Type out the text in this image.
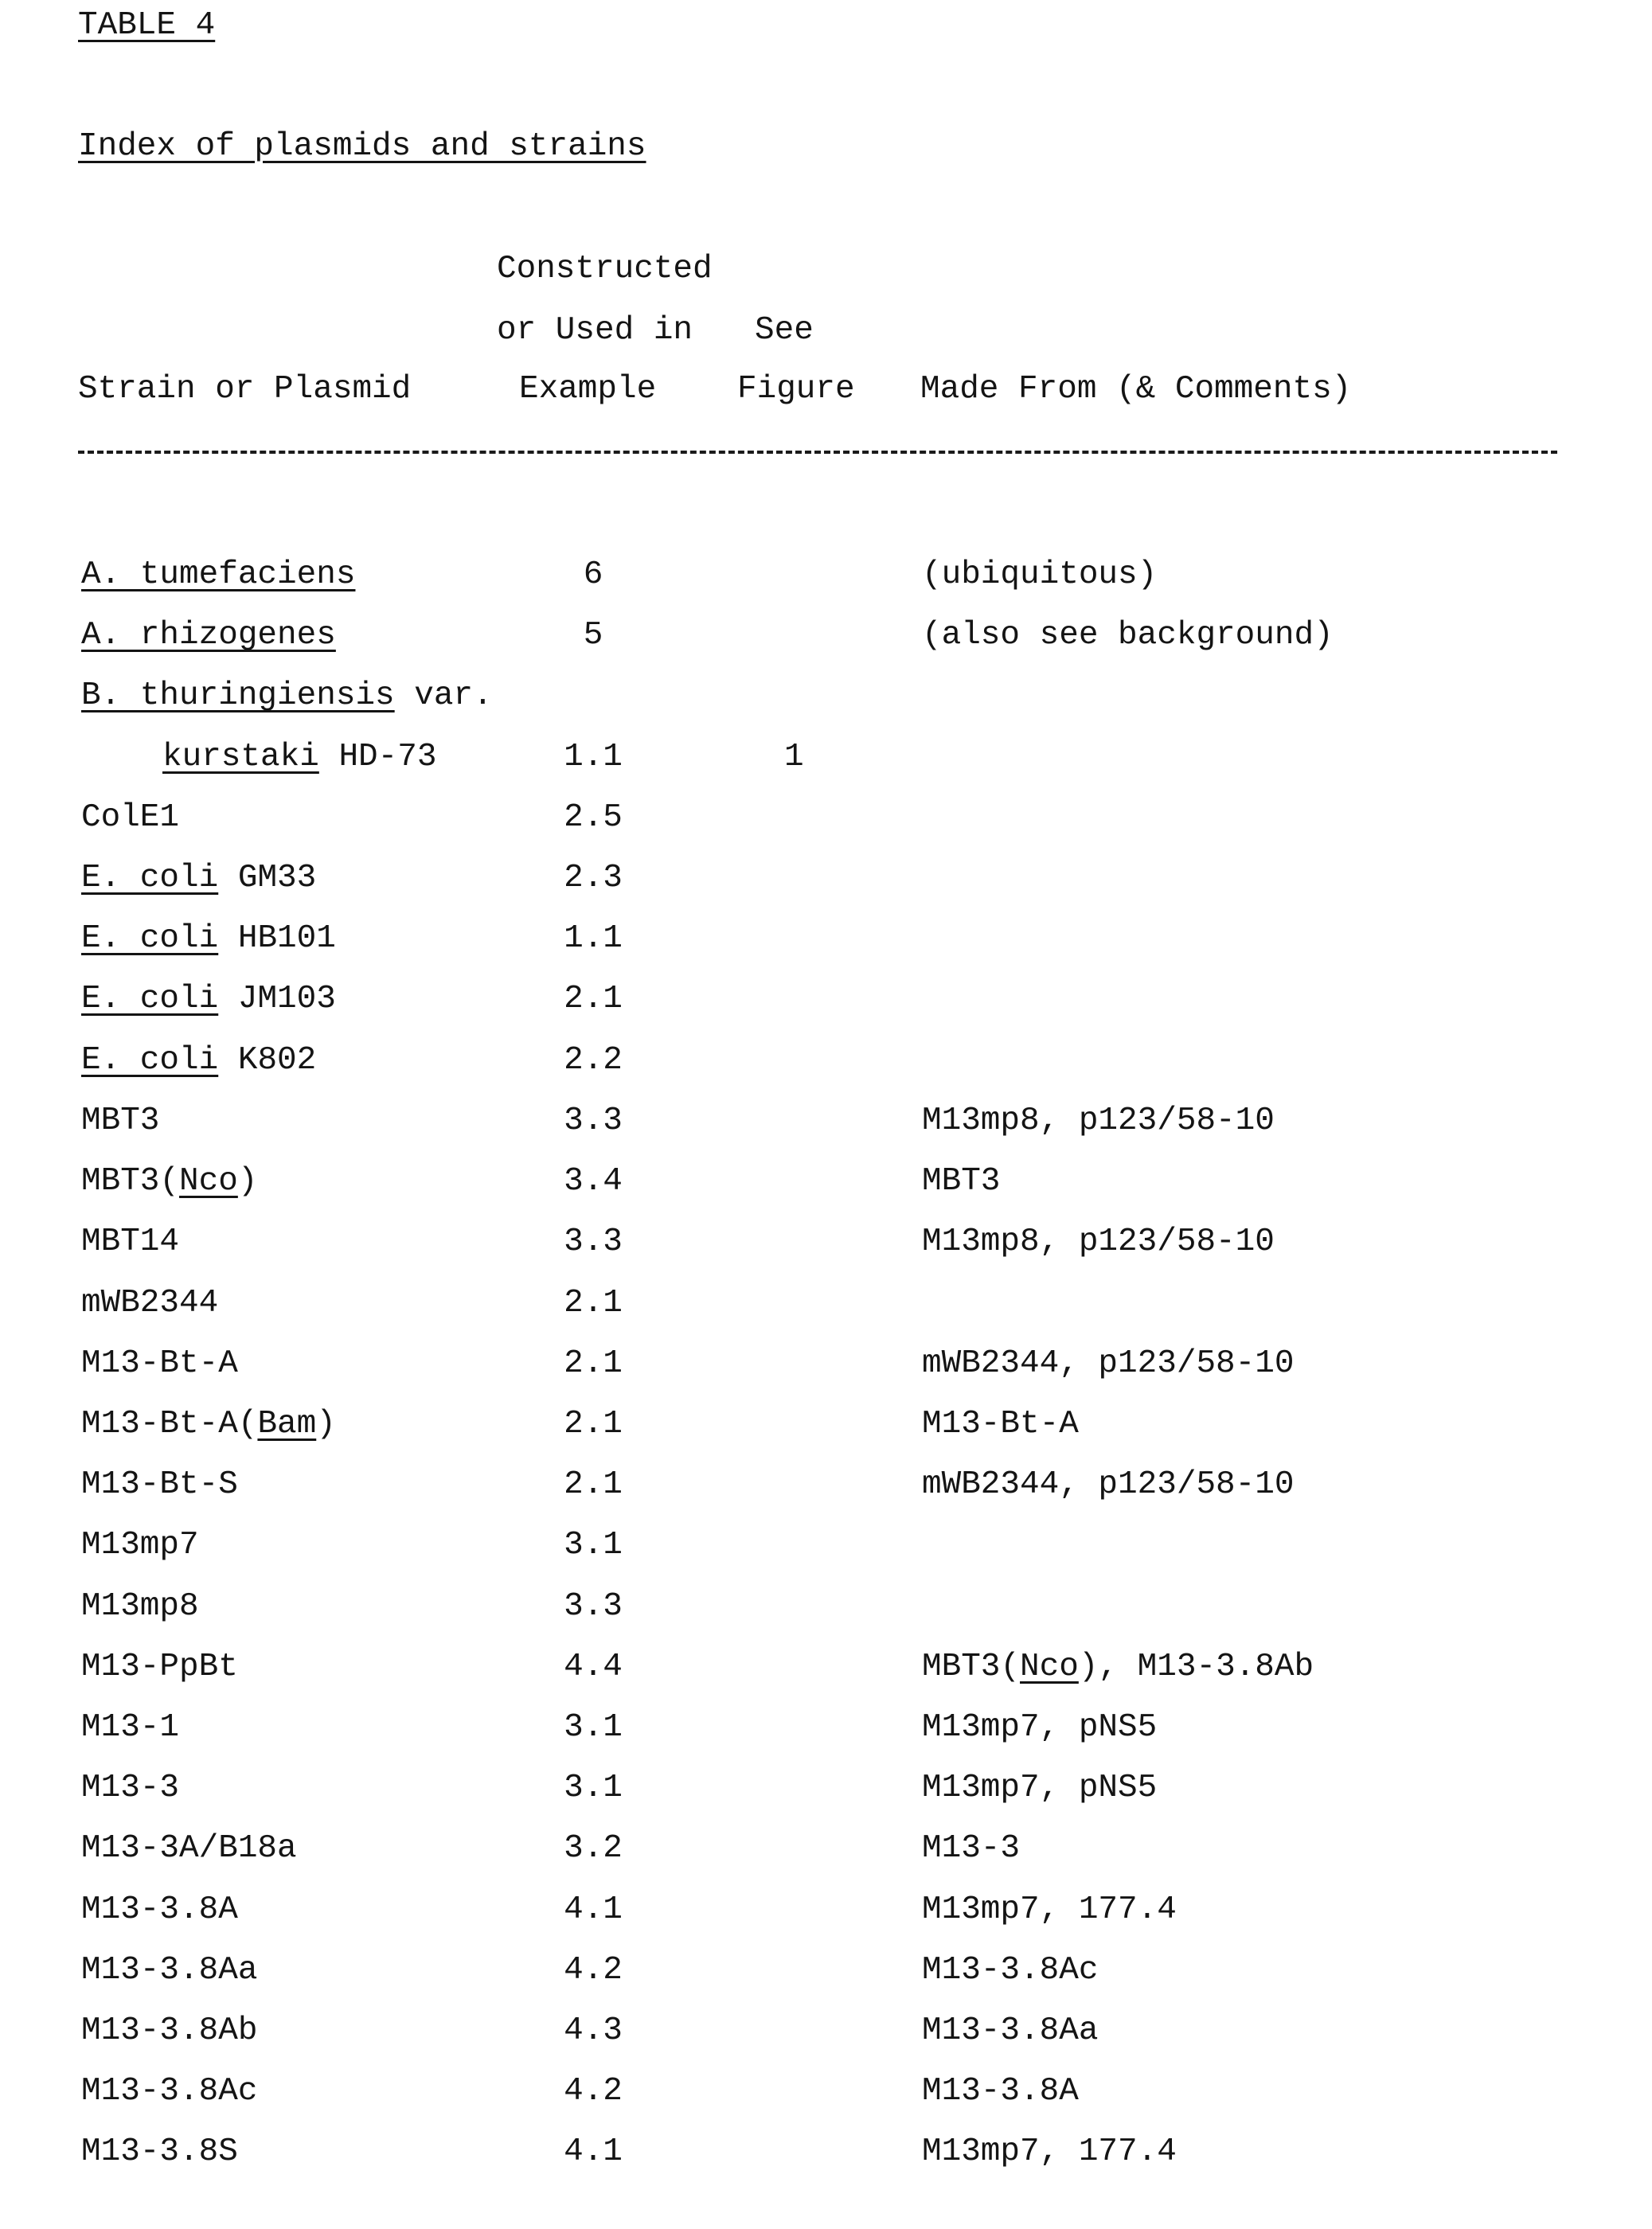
TABLE 4
Index of plasmids and strains
Constructed
or Used in See
Strain or Plasmid	Example Figure Made From (& Comments)
A. tumefaciens	6	(ubiquitous)
A. rhizogenes	5	(also see background)
B. thuringiensis var.
kurstaki HD-73	1.1	1
ColE1	2.5
E. coli GM33	2.3
E. coli HB101	1.1
E. coli JM103	2.1
E. coli K802	2.2
MBT3	3.3	M13mp8, p123/58-10
MBT3(Nco)	3.4	MBT3
MBT14	3.3	M13mp8, p123/58-10
mWB2344	2.1
M13-Bt-A	2.1	mWB2344, p123/58-10
M13-Bt-A(Bam)	2.1	M13-Bt-A
M13-Bt-S	2.1	mWB2344, p123/58-10
M13mp7	3.1
M13mp8	3.3
M13-PpBt	4.4	MBT3(Nco), M13-3.8Ab
M13-1	3.1	M13mp7, pNS5
M13-3	3.1	M13mp7, pNS5
M13-3A/B18a	3.2	M13-3
M13-3.8A	4.1	M13mp7, 177.4
M13-3.8Aa	4.2	M13-3.8Ac
M13-3.8Ab	4.3	M13-3.8Aa
M13-3.8Ac	4.2	M13-3.8A
M13-3.8S	4.1	M13mp7, 177.4
